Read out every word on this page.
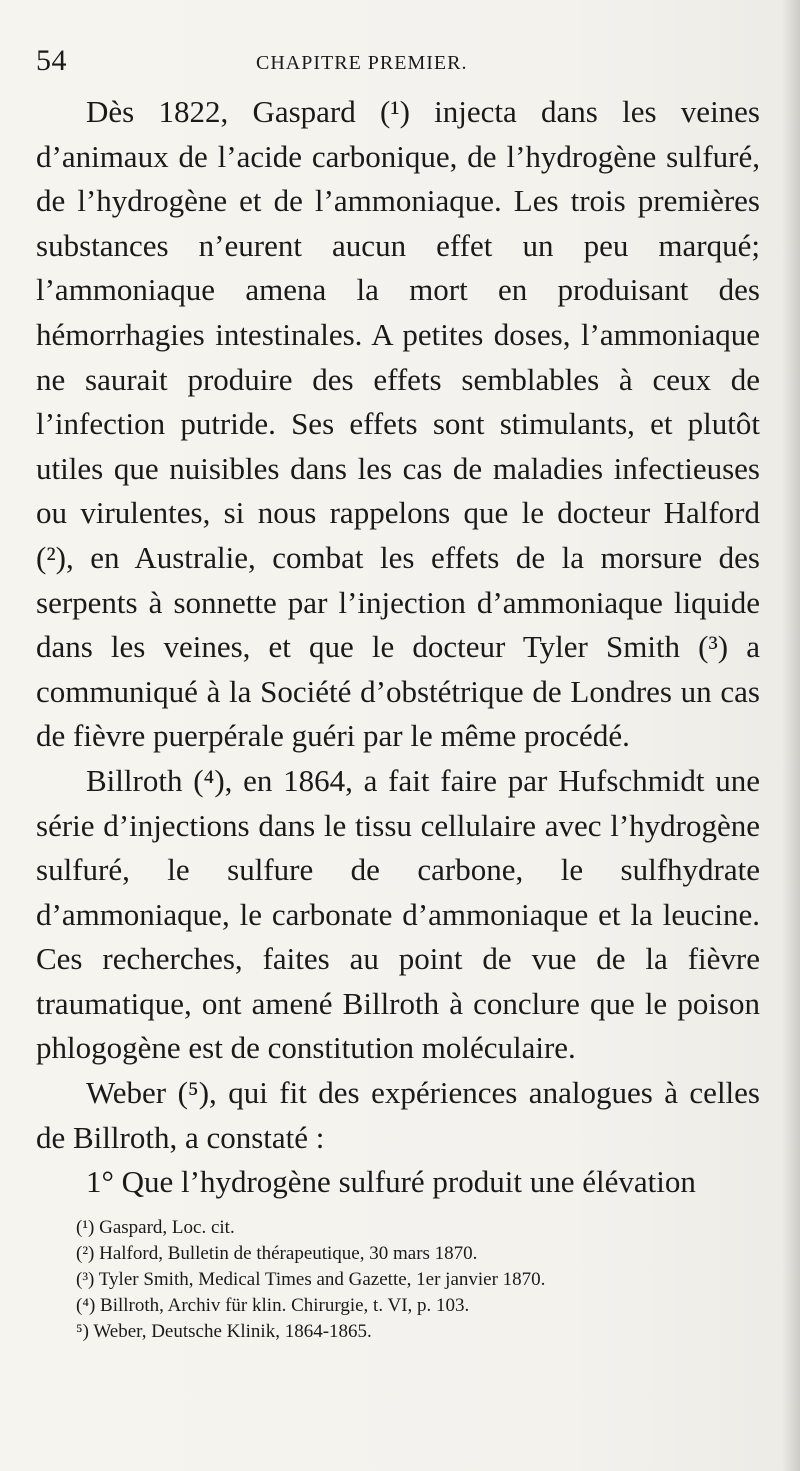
54	CHAPITRE PREMIER.

Dès 1822, Gaspard (¹) injecta dans les veines d’animaux de l’acide carbonique, de l’hydrogène sulfuré, de l’hydrogène et de l’ammoniaque. Les trois premières substances n’eurent aucun effet un peu marqué; l’ammoniaque amena la mort en produisant des hémorrhagies intestinales. A petites doses, l’ammoniaque ne saurait produire des effets semblables à ceux de l’infection putride. Ses effets sont stimulants, et plutôt utiles que nuisibles dans les cas de maladies infectieuses ou virulentes, si nous rappelons que le docteur Halford (²), en Australie, combat les effets de la morsure des serpents à sonnette par l’injection d’ammoniaque liquide dans les veines, et que le docteur Tyler Smith (³) a communiqué à la Société d’obstétrique de Londres un cas de fièvre puerpérale guéri par le même procédé.

Billroth (⁴), en 1864, a fait faire par Hufschmidt une série d’injections dans le tissu cellulaire avec l’hydrogène sulfuré, le sulfure de carbone, le sulfhydrate d’ammoniaque, le carbonate d’ammoniaque et la leucine. Ces recherches, faites au point de vue de la fièvre traumatique, ont amené Billroth à conclure que le poison phlogogène est de constitution moléculaire.

Weber (⁵), qui fit des expériences analogues à celles de Billroth, a constaté :

1° Que l’hydrogène sulfuré produit une élévation

(¹) Gaspard, Loc. cit.

(²) Halford, Bulletin de thérapeutique, 30 mars 1870.

(³) Tyler Smith, Medical Times and Gazette, 1er janvier 1870.

(⁴) Billroth, Archiv für klin. Chirurgie, t. VI, p. 103.

⁵) Weber, Deutsche Klinik, 1864-1865.
